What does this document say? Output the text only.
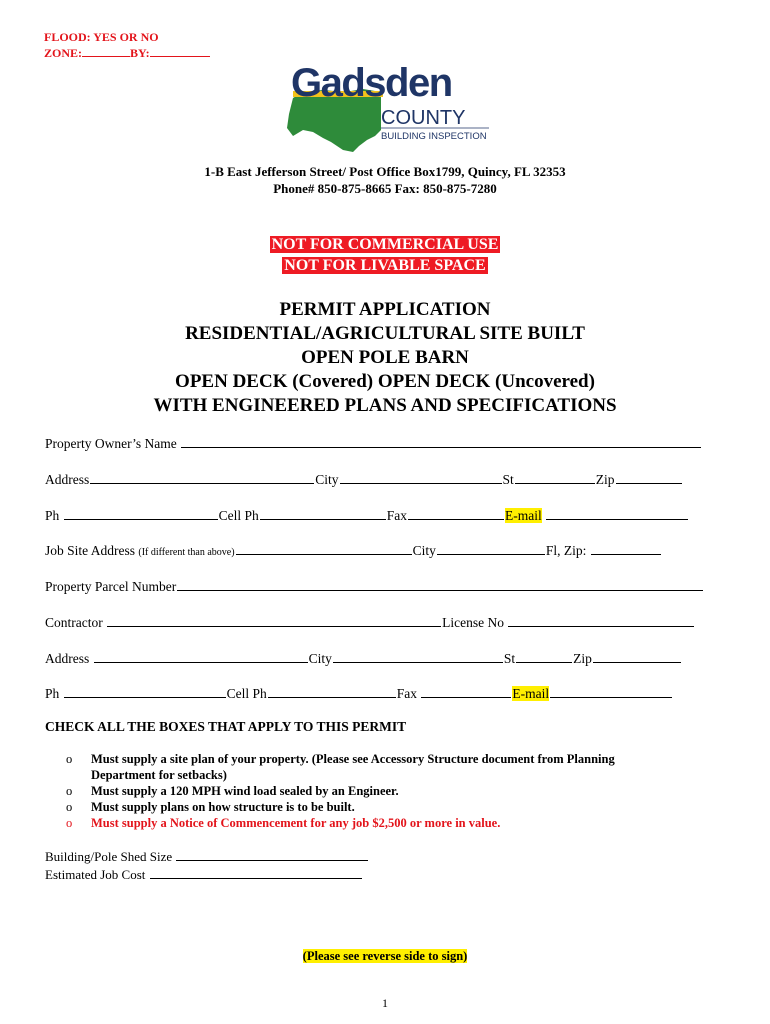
FLOOD: YES OR NO
ZONE:	BY:
Gadsden
COUNTY
BUILDING INSPECTION
1-B East Jefferson Street/ Post Office Box1799, Quincy, FL 32353
Phone# 850-875-8665 Fax: 850-875-7280
NOT FOR COMMERCIAL USE
NOT FOR LIVABLE SPACE
PERMIT APPLICATION
RESIDENTIAL/AGRICULTURAL SITE BUILT
OPEN POLE BARN
OPEN DECK (Covered) OPEN DECK (Uncovered)
WITH ENGINEERED PLANS AND SPECIFICATIONS
Property Owner’s Name
Address	City	St	Zip
Ph	Cell Ph	Fax	E-mail
Job Site Address (If different than above)	City	Fl, Zip:
Property Parcel Number
Contractor	License No
Address	City	St	Zip
Ph	Cell Ph	Fax	E-mail
CHECK ALL THE BOXES THAT APPLY TO THIS PERMIT
o Must supply a site plan of your property. (Please see Accessory Structure document from Planning
Department for setbacks)
o Must supply a 120 MPH wind load sealed by an Engineer.
o Must supply plans on how structure is to be built.
o Must supply a Notice of Commencement for any job $2,500 or more in value.
Building/Pole Shed Size
Estimated Job Cost
(Please see reverse side to sign)
1
